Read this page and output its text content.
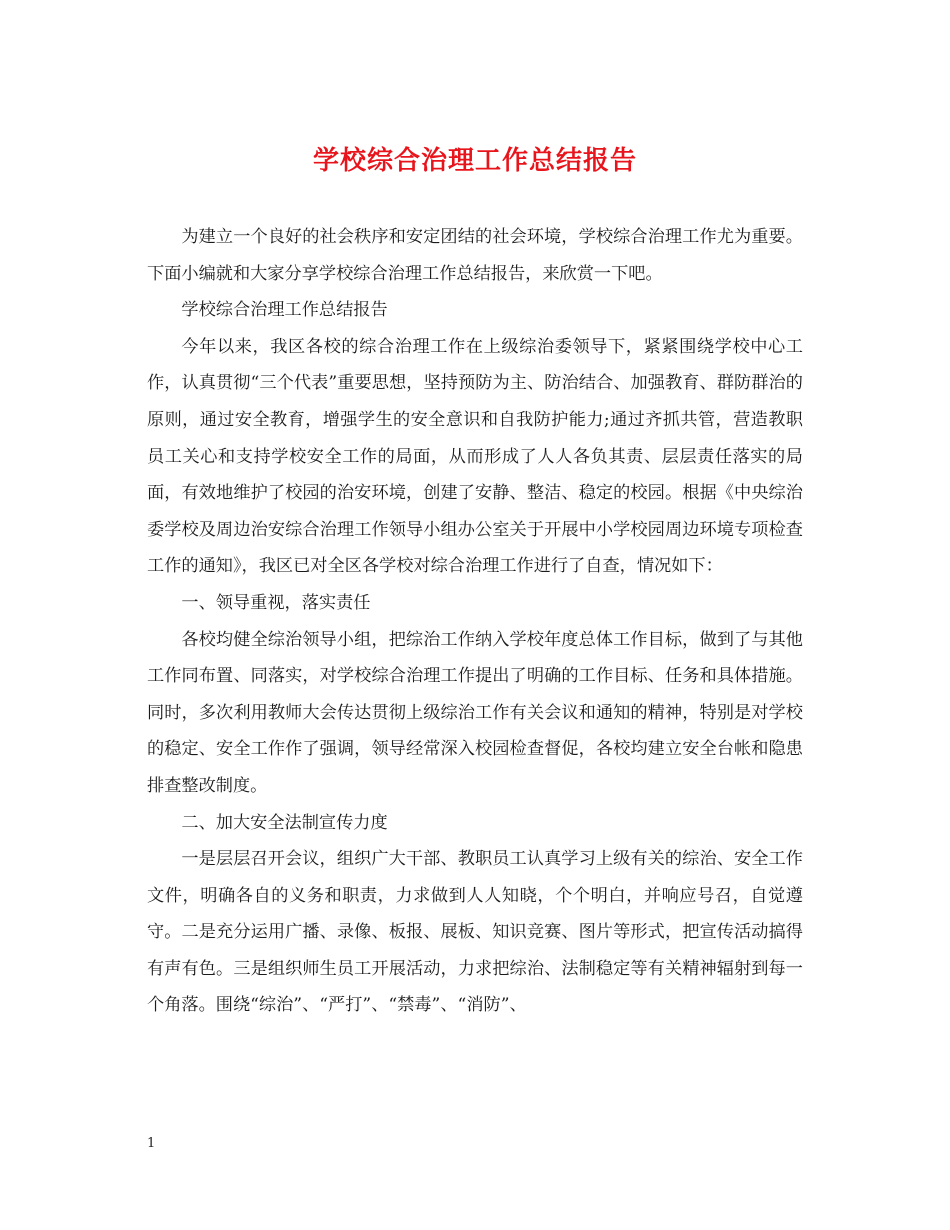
学校综合治理工作总结报告

为建立一个良好的社会秩序和安定团结的社会环境，学校综合治理工作尤为重要。下面小编就和大家分享学校综合治理工作总结报告，来欣赏一下吧。

学校综合治理工作总结报告

今年以来，我区各校的综合治理工作在上级综治委领导下，紧紧围绕学校中心工作，认真贯彻“三个代表”重要思想，坚持预防为主、防治结合、加强教育、群防群治的原则，通过安全教育，增强学生的安全意识和自我防护能力;通过齐抓共管，营造教职员工关心和支持学校安全工作的局面，从而形成了人人各负其责、层层责任落实的局面，有效地维护了校园的治安环境，创建了安静、整洁、稳定的校园。根据《中央综治委学校及周边治安综合治理工作领导小组办公室关于开展中小学校园周边环境专项检查工作的通知》，我区已对全区各学校对综合治理工作进行了自查，情况如下：

一、领导重视，落实责任

各校均健全综治领导小组，把综治工作纳入学校年度总体工作目标，做到了与其他工作同布置、同落实，对学校综合治理工作提出了明确的工作目标、任务和具体措施。同时，多次利用教师大会传达贯彻上级综治工作有关会议和通知的精神，特别是对学校的稳定、安全工作作了强调，领导经常深入校园检查督促，各校均建立安全台帐和隐患排查整改制度。

二、加大安全法制宣传力度

一是层层召开会议，组织广大干部、教职员工认真学习上级有关的综治、安全工作文件，明确各自的义务和职责，力求做到人人知晓，个个明白，并响应号召，自觉遵守。二是充分运用广播、录像、板报、展板、知识竞赛、图片等形式，把宣传活动搞得有声有色。三是组织师生员工开展活动，力求把综治、法制稳定等有关精神辐射到每一个角落。围绕“综治”、“严打”、“禁毒”、“消防”、

1
